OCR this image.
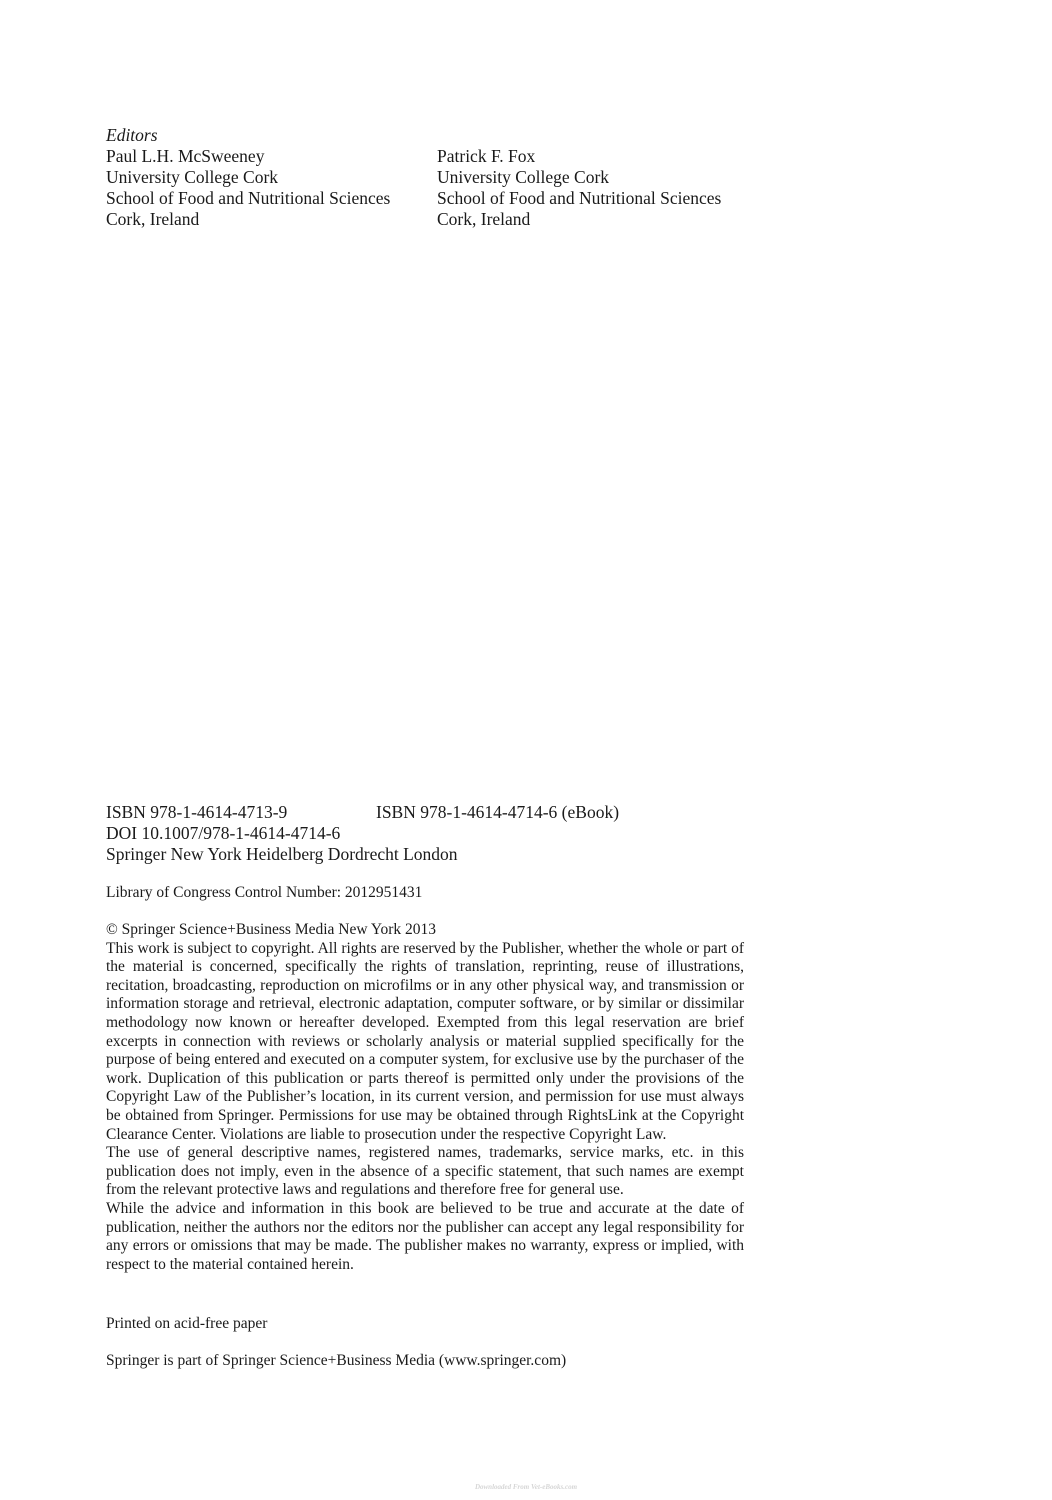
Editors
Paul L.H. McSweeney
University College Cork
School of Food and Nutritional Sciences
Cork, Ireland
Patrick F. Fox
University College Cork
School of Food and Nutritional Sciences
Cork, Ireland
ISBN 978-1-4614-4713-9	ISBN 978-1-4614-4714-6 (eBook)
DOI 10.1007/978-1-4614-4714-6
Springer New York Heidelberg Dordrecht London
Library of Congress Control Number: 2012951431

© Springer Science+Business Media New York 2013

This work is subject to copyright. All rights are reserved by the Publisher, whether the whole or part of the material is concerned, specifically the rights of translation, reprinting, reuse of illustrations, recitation, broadcasting, reproduction on microfilms or in any other physical way, and transmission or information storage and retrieval, electronic adaptation, computer software, or by similar or dissimilar methodology now known or hereafter developed. Exempted from this legal reservation are brief excerpts in connection with reviews or scholarly analysis or material supplied specifically for the purpose of being entered and executed on a computer system, for exclusive use by the purchaser of the work. Duplication of this publication or parts thereof is permitted only under the provisions of the Copyright Law of the Publisher’s location, in its current version, and permission for use must always be obtained from Springer. Permissions for use may be obtained through RightsLink at the Copyright Clearance Center. Violations are liable to prosecution under the respective Copyright Law.

The use of general descriptive names, registered names, trademarks, service marks, etc. in this publication does not imply, even in the absence of a specific statement, that such names are exempt from the relevant protective laws and regulations and therefore free for general use.

While the advice and information in this book are believed to be true and accurate at the date of publication, neither the authors nor the editors nor the publisher can accept any legal responsibility for any errors or omissions that may be made. The publisher makes no warranty, express or implied, with respect to the material contained herein.

Printed on acid-free paper
Springer is part of Springer Science+Business Media (www.springer.com)
Downloaded From Vet-eBooks.com
